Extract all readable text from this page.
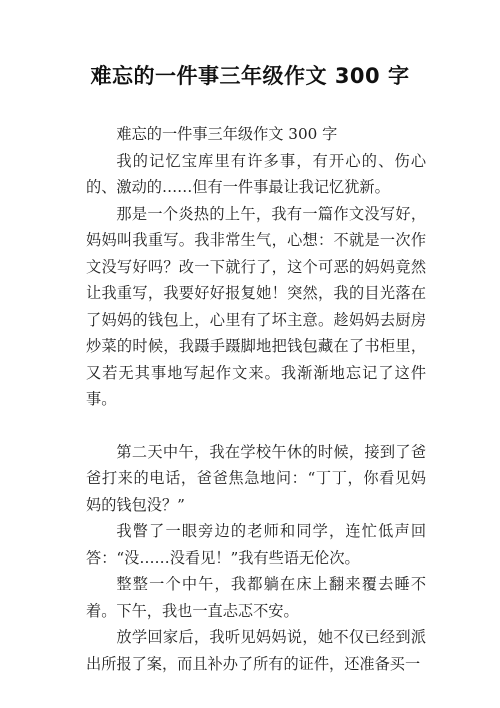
难忘的一件事三年级作文 300 字

难忘的一件事三年级作文 300 字

我的记忆宝库里有许多事，有开心的、伤心的、激动的……但有一件事最让我记忆犹新。

那是一个炎热的上午，我有一篇作文没写好，妈妈叫我重写。我非常生气，心想：不就是一次作文没写好吗？改一下就行了，这个可恶的妈妈竟然让我重写，我要好好报复她！突然，我的目光落在了妈妈的钱包上，心里有了坏主意。趁妈妈去厨房炒菜的时候，我蹑手蹑脚地把钱包藏在了书柜里，又若无其事地写起作文来。我渐渐地忘记了这件事。

第二天中午，我在学校午休的时候，接到了爸爸打来的电话，爸爸焦急地问：“丁丁，你看见妈妈的钱包没？”

我瞥了一眼旁边的老师和同学，连忙低声回答：“没……没看见！”我有些语无伦次。

整整一个中午，我都躺在床上翻来覆去睡不着。下午，我也一直忐忑不安。

放学回家后，我听见妈妈说，她不仅已经到派出所报了案，而且补办了所有的证件，还准备买一
